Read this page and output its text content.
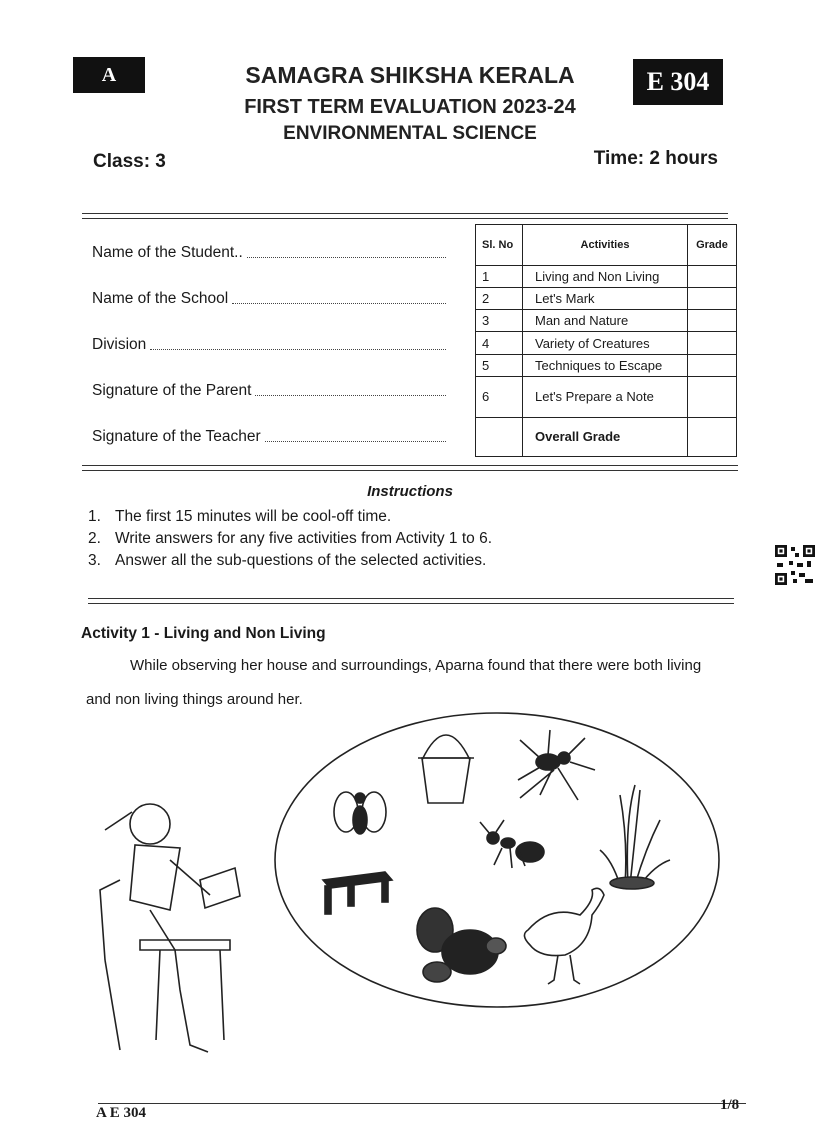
A	E 304
SAMAGRA SHIKSHA KERALA
FIRST TERM EVALUATION 2023-24
ENVIRONMENTAL SCIENCE
Class: 3	Time: 2 hours
Name of the Student..
Name of the School
Division
Signature of the Parent
Signature of the Teacher
Sl. No	Activities	Grade
1	Living and Non Living	
2	Let's Mark	
3	Man and Nature	
4	Variety of Creatures	
5	Techniques to Escape	
6	Let's Prepare a Note	
	Overall Grade	
Instructions
1. The first 15 minutes will be cool-off time.
2. Write answers for any five activities from Activity 1 to 6.
3. Answer all the sub-questions of the selected activities.
Activity 1 - Living and Non Living
While observing her house and surroundings, Aparna found that there were both living
and non living things around her.
A E 304	1/8
